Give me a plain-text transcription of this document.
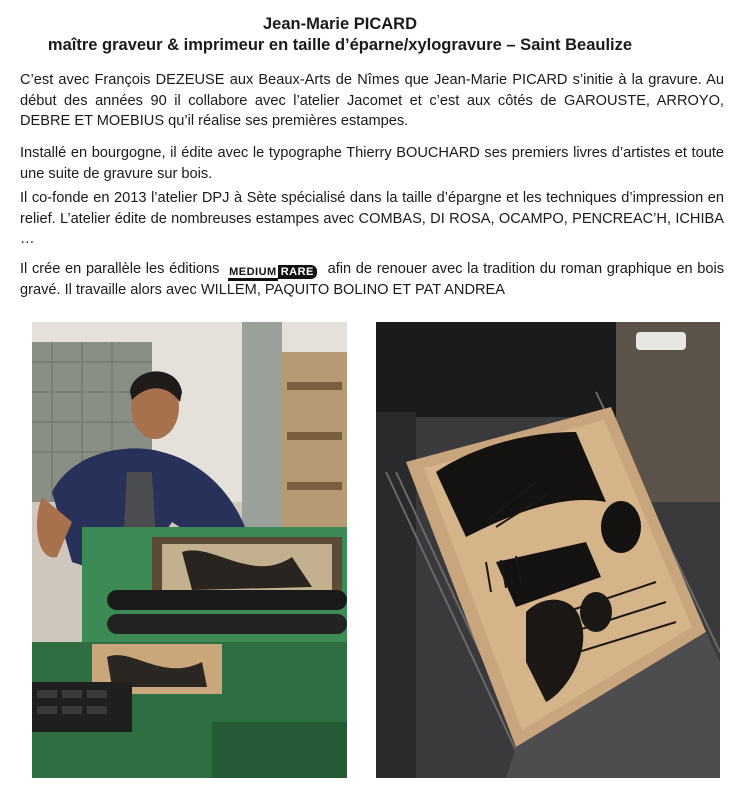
Jean-Marie PICARD
maître graveur & imprimeur en taille d’éparne/xylogravure – Saint Beaulize
C’est avec François DEZEUSE aux Beaux-Arts de Nîmes que Jean-Marie PICARD s’initie à la gravure. Au début des années 90 il collabore avec l’atelier Jacomet et c’est aux côtés de GAROUSTE, ARROYO, DEBRE ET MOEBIUS qu’il réalise ses premières estampes.
Installé en bourgogne, il édite avec le typographe Thierry BOUCHARD ses premiers livres d’artistes et toute une suite de gravure sur bois.
Il co-fonde en 2013 l’atelier DPJ à Sète spécialisé dans la taille d’épargne et les techniques d’impression en relief. L’atelier édite de nombreuses estampes avec COMBAS, DI ROSA, OCAMPO, PENCREAC’H, ICHIBA …
Il crée en parallèle les éditions MEDIUM RARE afin de renouer avec la tradition du roman graphique en bois gravé. Il travaille alors avec WILLEM, PAQUITO BOLINO ET PAT ANDREA
